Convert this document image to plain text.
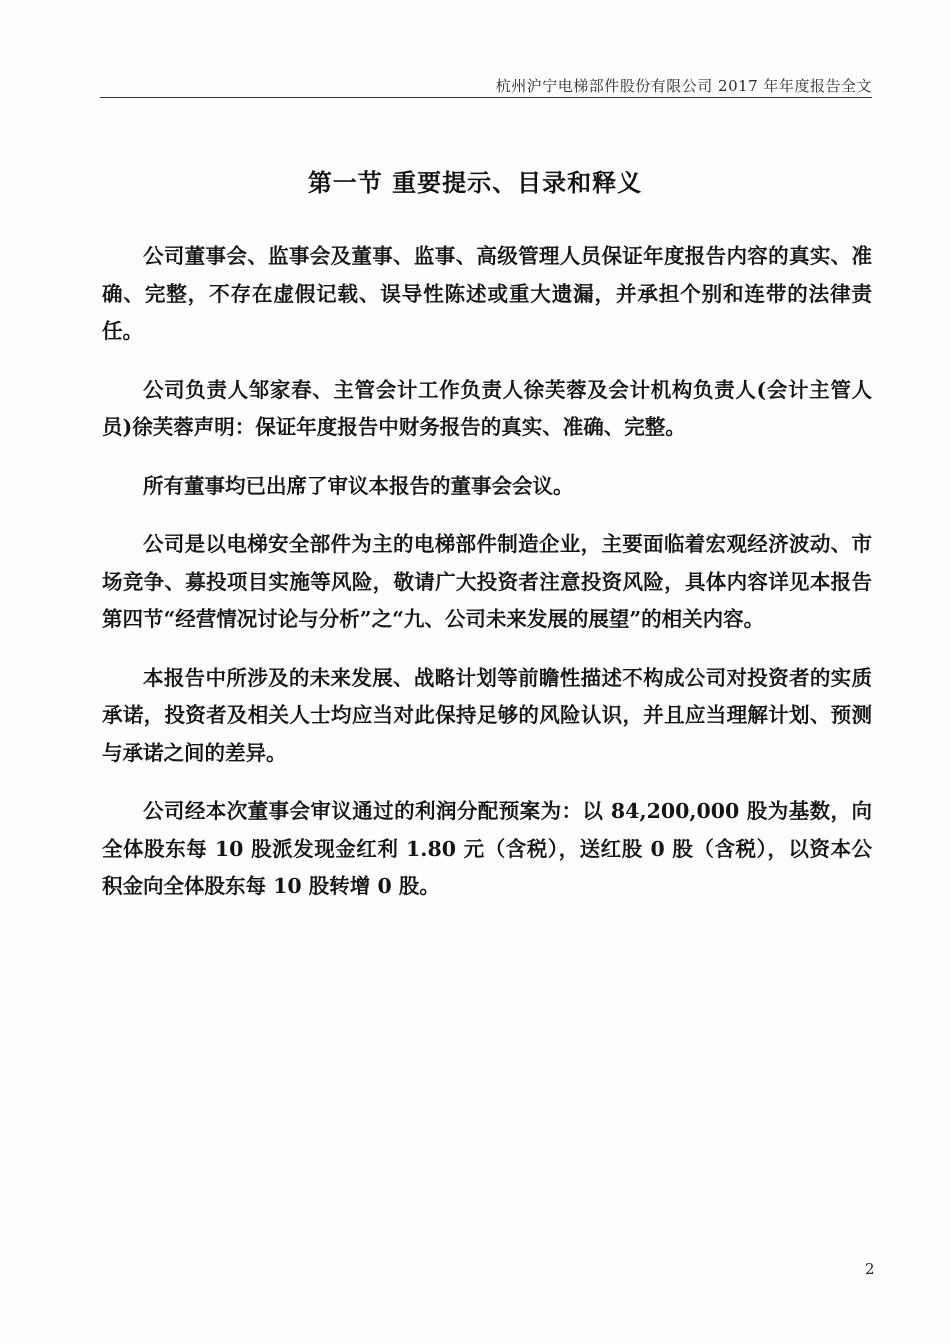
杭州沪宁电梯部件股份有限公司 2017 年年度报告全文
第一节 重要提示、目录和释义

公司董事会、监事会及董事、监事、高级管理人员保证年度报告内容的真实、准确、完整，不存在虚假记载、误导性陈述或重大遗漏，并承担个别和连带的法律责任。

公司负责人邹家春、主管会计工作负责人徐芙蓉及会计机构负责人(会计主管人员)徐芙蓉声明：保证年度报告中财务报告的真实、准确、完整。

所有董事均已出席了审议本报告的董事会会议。

公司是以电梯安全部件为主的电梯部件制造企业，主要面临着宏观经济波动、市场竞争、募投项目实施等风险，敬请广大投资者注意投资风险，具体内容详见本报告第四节“经营情况讨论与分析”之“九、公司未来发展的展望”的相关内容。

本报告中所涉及的未来发展、战略计划等前瞻性描述不构成公司对投资者的实质承诺，投资者及相关人士均应当对此保持足够的风险认识，并且应当理解计划、预测与承诺之间的差异。

公司经本次董事会审议通过的利润分配预案为：以 84,200,000 股为基数，向全体股东每 10 股派发现金红利 1.80 元（含税），送红股 0 股（含税），以资本公积金向全体股东每 10 股转增 0 股。

2
